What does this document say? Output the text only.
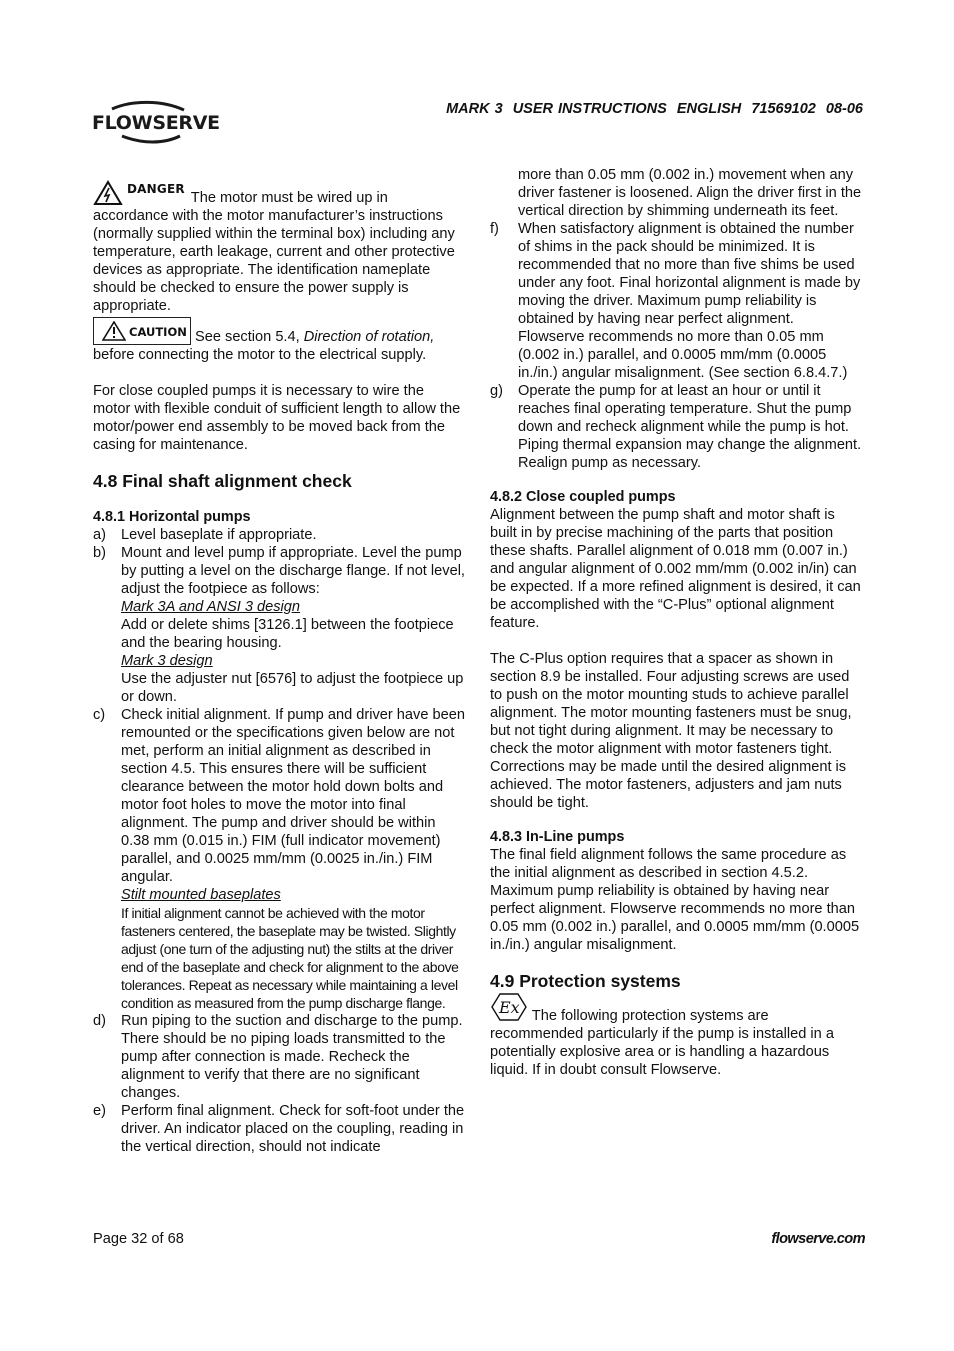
FLOWSERVE
MARK 3  USER INSTRUCTIONS  ENGLISH  71569102  08-06

DANGER
The motor must be wired up in accordance with the motor manufacturer’s instructions (normally supplied within the terminal box) including any temperature, earth leakage, current and other protective devices as appropriate. The identification nameplate should be checked to ensure the power supply is appropriate.

CAUTION See section 5.4, Direction of rotation, before connecting the motor to the electrical supply.

For close coupled pumps it is necessary to wire the motor with flexible conduit of sufficient length to allow the motor/power end assembly to be moved back from the casing for maintenance.

4.8 Final shaft alignment check
4.8.1 Horizontal pumps
a)	Level baseplate if appropriate.
b)	Mount and level pump if appropriate. Level the pump by putting a level on the discharge flange. If not level, adjust the footpiece as follows:

Mark 3A and ANSI 3 design

Add or delete shims [3126.1] between the footpiece and the bearing housing.

Mark 3 design

Use the adjuster nut [6576] to adjust the footpiece up or down.

c)	Check initial alignment. If pump and driver have been remounted or the specifications given below are not met, perform an initial alignment as described in section 4.5. This ensures there will be sufficient clearance between the motor hold down bolts and motor foot holes to move the motor into final alignment. The pump and driver should be within 0.38 mm (0.015 in.) FIM (full indicator movement) parallel, and 0.0025 mm/mm (0.0025 in./in.) FIM angular.

Stilt mounted baseplates

If initial alignment cannot be achieved with the motor fasteners centered, the baseplate may be twisted. Slightly adjust (one turn of the adjusting nut) the stilts at the driver end of the baseplate and check for alignment to the above tolerances. Repeat as necessary while maintaining a level condition as measured from the pump discharge flange.

d)	Run piping to the suction and discharge to the pump. There should be no piping loads transmitted to the pump after connection is made. Recheck the alignment to verify that there are no significant changes.
e)	Perform final alignment. Check for soft-foot under the driver. An indicator placed on the coupling, reading in the vertical direction, should not indicate
more than 0.05 mm (0.002 in.) movement when any driver fastener is loosened. Align the driver first in the vertical direction by shimming underneath its feet.
f)	When satisfactory alignment is obtained the number of shims in the pack should be minimized. It is recommended that no more than five shims be used under any foot. Final horizontal alignment is made by moving the driver. Maximum pump reliability is obtained by having near perfect alignment. Flowserve recommends no more than 0.05 mm (0.002 in.) parallel, and 0.0005 mm/mm (0.0005 in./in.) angular misalignment. (See section 6.8.4.7.)
g)	Operate the pump for at least an hour or until it reaches final operating temperature. Shut the pump down and recheck alignment while the pump is hot. Piping thermal expansion may change the alignment. Realign pump as necessary.
4.8.2 Close coupled pumps

Alignment between the pump shaft and motor shaft is built in by precise machining of the parts that position these shafts. Parallel alignment of 0.018 mm (0.007 in.) and angular alignment of 0.002 mm/mm (0.002 in/in) can be expected. If a more refined alignment is desired, it can be accomplished with the “C-Plus” optional alignment feature.

The C-Plus option requires that a spacer as shown in section 8.9 be installed. Four adjusting screws are used to push on the motor mounting studs to achieve parallel alignment. The motor mounting fasteners must be snug, but not tight during alignment. It may be necessary to check the motor alignment with motor fasteners tight. Corrections may be made until the desired alignment is achieved. The motor fasteners, adjusters and jam nuts should be tight.

4.8.3 In-Line pumps

The final field alignment follows the same procedure as the initial alignment as described in section 4.5.2. Maximum pump reliability is obtained by having near perfect alignment. Flowserve recommends no more than 0.05 mm (0.002 in.) parallel, and 0.0005 mm/mm (0.0005 in./in.) angular misalignment.

4.9 Protection systems

Ex The following protection systems are recommended particularly if the pump is installed in a potentially explosive area or is handling a hazardous liquid. If in doubt consult Flowserve.

Page 32 of 68	flowserve.com
